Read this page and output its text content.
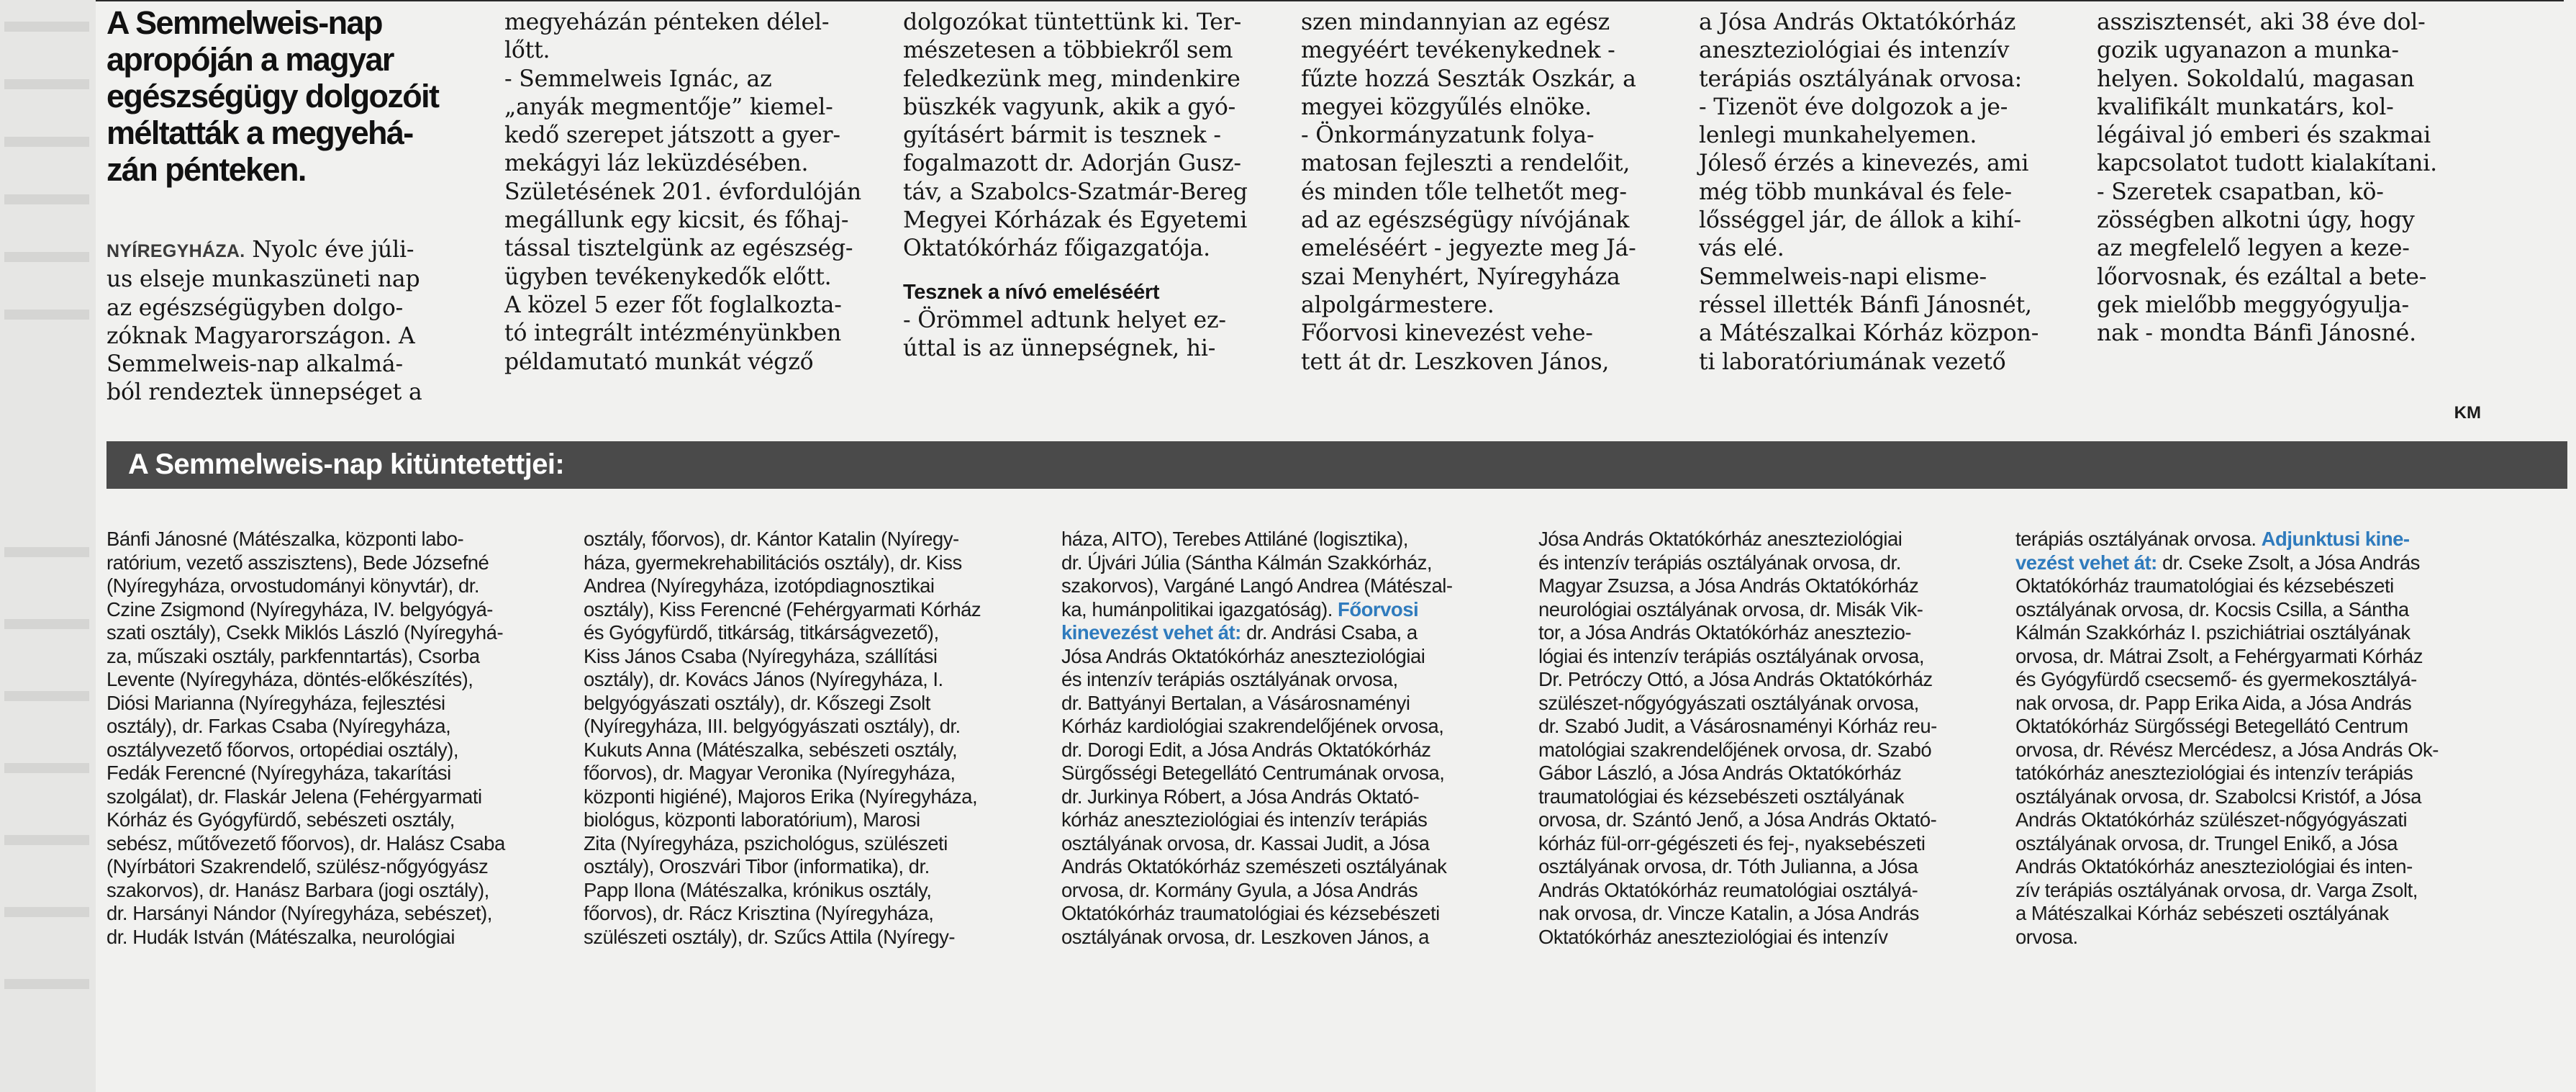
A Semmelweis-nap
apropóján a magyar
egészségügy dolgozóit
méltatták a megyehá-
zán pénteken.
NYÍREGYHÁZA. Nyolc éve júli-
us elseje munkaszüneti nap
az egészségügyben dolgo-
zóknak Magyarországon. A
Semmelweis-nap alkalmá-
ból rendeztek ünnepséget a
megyeházán pénteken délel-
lőtt.
- Semmelweis Ignác, az
„anyák megmentője” kiemel-
kedő szerepet játszott a gyer-
mekágyi láz leküzdésében.
Születésének 201. évfordulóján
megállunk egy kicsit, és főhaj-
tással tisztelgünk az egészség-
ügyben tevékenykedők előtt.
A közel 5 ezer főt foglalkozta-
tó integrált intézményünkben
példamutató munkát végző
dolgozókat tüntettünk ki. Ter-
mészetesen a többiekről sem
feledkezünk meg, mindenkire
büszkék vagyunk, akik a gyó-
gyításért bármit is tesznek -
fogalmazott dr. Adorján Gusz-
táv, a Szabolcs-Szatmár-Bereg
Megyei Kórházak és Egyetemi
Oktatókórház főigazgatója.
Tesznek a nívó emeléséért
- Örömmel adtunk helyet ez-
úttal is az ünnepségnek, hi-
szen mindannyian az egész
megyéért tevékenykednek -
fűzte hozzá Seszták Oszkár, a
megyei közgyűlés elnöke.
- Önkormányzatunk folya-
matosan fejleszti a rendelőit,
és minden tőle telhetőt meg-
ad az egészségügy nívójának
emeléséért - jegyezte meg Já-
szai Menyhért, Nyíregyháza
alpolgármestere.
Főorvosi kinevezést vehe-
tett át dr. Leszkoven János,
a Jósa András Oktatókórház
aneszteziológiai és intenzív
terápiás osztályának orvosa:
- Tizenöt éve dolgozok a je-
lenlegi munkahelyemen.
Jóleső érzés a kinevezés, ami
még több munkával és fele-
lősséggel jár, de állok a kihí-
vás elé.
Semmelweis-napi elisme-
réssel illették Bánfi Jánosnét,
a Mátészalkai Kórház közpon-
ti laboratóriumának vezető
asszisztensét, aki 38 éve dol-
gozik ugyanazon a munka-
helyen. Sokoldalú, magasan
kvalifikált munkatárs, kol-
légáival jó emberi és szakmai
kapcsolatot tudott kialakítani.
- Szeretek csapatban, kö-
zösségben alkotni úgy, hogy
az megfelelő legyen a keze-
lőorvosnak, és ezáltal a bete-
gek mielőbb meggyógyulja-
nak - mondta Bánfi Jánosné.
KM
A Semmelweis-nap kitüntetettjei:
Bánfi Jánosné (Mátészalka, központi labo-
ratórium, vezető asszisztens), Bede Józsefné
(Nyíregyháza, orvostudományi könyvtár), dr.
Czine Zsigmond (Nyíregyháza, IV. belgyógyá-
szati osztály), Csekk Miklós László (Nyíregyhá-
za, műszaki osztály, parkfenntartás), Csorba
Levente (Nyíregyháza, döntés-előkészítés),
Diósi Marianna (Nyíregyháza, fejlesztési
osztály), dr. Farkas Csaba (Nyíregyháza,
osztályvezető főorvos, ortopédiai osztály),
Fedák Ferencné (Nyíregyháza, takarítási
szolgálat), dr. Flaskár Jelena (Fehérgyarmati
Kórház és Gyógyfürdő, sebészeti osztály,
sebész, műtővezető főorvos), dr. Halász Csaba
(Nyírbátori Szakrendelő, szülész-nőgyógyász
szakorvos), dr. Hanász Barbara (jogi osztály),
dr. Harsányi Nándor (Nyíregyháza, sebészet),
dr. Hudák István (Mátészalka, neurológiai
osztály, főorvos), dr. Kántor Katalin (Nyíregy-
háza, gyermekrehabilitációs osztály), dr. Kiss
Andrea (Nyíregyháza, izotópdiagnosztikai
osztály), Kiss Ferencné (Fehérgyarmati Kórház
és Gyógyfürdő, titkárság, titkárságvezető),
Kiss János Csaba (Nyíregyháza, szállítási
osztály), dr. Kovács János (Nyíregyháza, I.
belgyógyászati osztály), dr. Kőszegi Zsolt
(Nyíregyháza, III. belgyógyászati osztály), dr.
Kukuts Anna (Mátészalka, sebészeti osztály,
főorvos), dr. Magyar Veronika (Nyíregyháza,
központi higiéné), Majoros Erika (Nyíregyháza,
biológus, központi laboratórium), Marosi
Zita (Nyíregyháza, pszichológus, szülészeti
osztály), Oroszvári Tibor (informatika), dr.
Papp Ilona (Mátészalka, krónikus osztály,
főorvos), dr. Rácz Krisztina (Nyíregyháza,
szülészeti osztály), dr. Szűcs Attila (Nyíregy-
háza, AITO), Terebes Attiláné (logisztika),
dr. Újvári Júlia (Sántha Kálmán Szakkórház,
szakorvos), Vargáné Langó Andrea (Mátészal-
ka, humánpolitikai igazgatóság). Főorvosi
kinevezést vehet át: dr. Andrási Csaba, a
Jósa András Oktatókórház aneszteziológiai
és intenzív terápiás osztályának orvosa,
dr. Battyányi Bertalan, a Vásárosnaményi
Kórház kardiológiai szakrendelőjének orvosa,
dr. Dorogi Edit, a Jósa András Oktatókórház
Sürgősségi Betegellátó Centrumának orvosa,
dr. Jurkinya Róbert, a Jósa András Oktató-
kórház aneszteziológiai és intenzív terápiás
osztályának orvosa, dr. Kassai Judit, a Jósa
András Oktatókórház szemészeti osztályának
orvosa, dr. Kormány Gyula, a Jósa András
Oktatókórház traumatológiai és kézsebészeti
osztályának orvosa, dr. Leszkoven János, a
Jósa András Oktatókórház aneszteziológiai
és intenzív terápiás osztályának orvosa, dr.
Magyar Zsuzsa, a Jósa András Oktatókórház
neurológiai osztályának orvosa, dr. Misák Vik-
tor, a Jósa András Oktatókórház anesztezio-
lógiai és intenzív terápiás osztályának orvosa,
Dr. Petróczy Ottó, a Jósa András Oktatókórház
szülészet-nőgyógyászati osztályának orvosa,
dr. Szabó Judit, a Vásárosnaményi Kórház reu-
matológiai szakrendelőjének orvosa, dr. Szabó
Gábor László, a Jósa András Oktatókórház
traumatológiai és kézsebészeti osztályának
orvosa, dr. Szántó Jenő, a Jósa András Oktató-
kórház fül-orr-gégészeti és fej-, nyaksebészeti
osztályának orvosa, dr. Tóth Julianna, a Jósa
András Oktatókórház reumatológiai osztályá-
nak orvosa, dr. Vincze Katalin, a Jósa András
Oktatókórház aneszteziológiai és intenzív
terápiás osztályának orvosa. Adjunktusi kine-
vezést vehet át: dr. Cseke Zsolt, a Jósa András
Oktatókórház traumatológiai és kézsebészeti
osztályának orvosa, dr. Kocsis Csilla, a Sántha
Kálmán Szakkórház I. pszichiátriai osztályának
orvosa, dr. Mátrai Zsolt, a Fehérgyarmati Kórház
és Gyógyfürdő csecsemő- és gyermekosztályá-
nak orvosa, dr. Papp Erika Aida, a Jósa András
Oktatókórház Sürgősségi Betegellátó Centrum
orvosa, dr. Révész Mercédesz, a Jósa András Ok-
tatókórház aneszteziológiai és intenzív terápiás
osztályának orvosa, dr. Szabolcsi Kristóf, a Jósa
András Oktatókórház szülészet-nőgyógyászati
osztályának orvosa, dr. Trungel Enikő, a Jósa
András Oktatókórház aneszteziológiai és inten-
zív terápiás osztályának orvosa, dr. Varga Zsolt,
a Mátészalkai Kórház sebészeti osztályának
orvosa.
